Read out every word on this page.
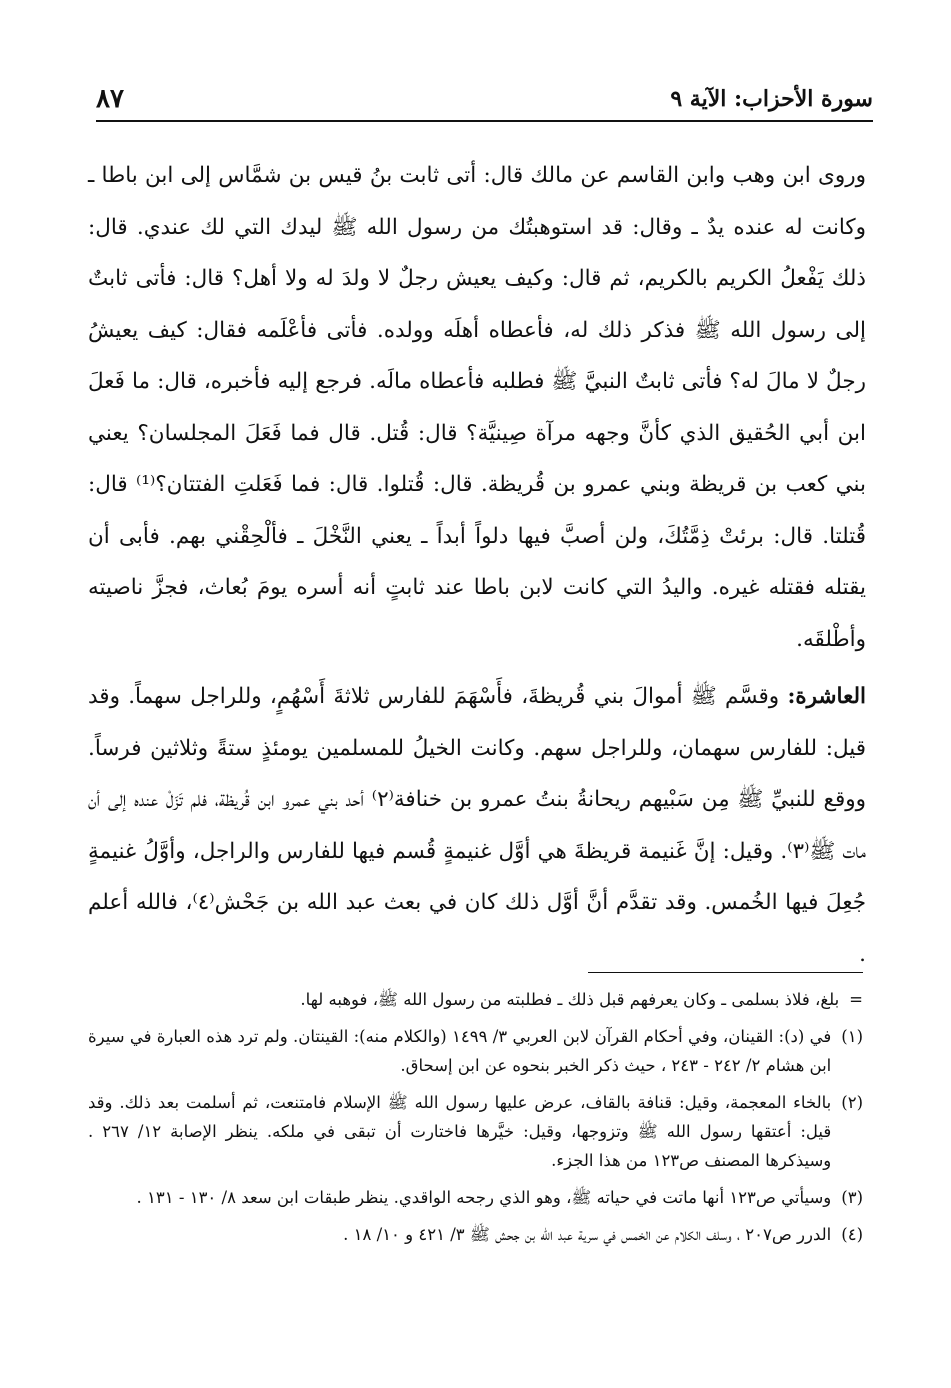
سورة الأحزاب: الآية ٩
٨٧

وروى ابن وهب وابن القاسم عن مالك قال: أتى ثابت بنُ قيس بن شمَّاس إلى ابن باطا ـ وكانت له عنده يدٌ ـ وقال: قد استوهبتُك من رسول الله ﷺ ليدك التي لك عندي. قال: ذلك يَفْعلُ الكريم بالكريم، ثم قال: وكيف يعيش رجلٌ لا ولدَ له ولا أهل؟ قال: فأتى ثابتٌ إلى رسول الله ﷺ فذكر ذلك له، فأعطاه أهلَه وولده. فأتى فأعْلَمه فقال: كيف يعيشُ رجلٌ لا مالَ له؟ فأتى ثابتٌ النبيَّ ﷺ فطلبه فأعطاه مالَه. فرجع إليه فأخبره، قال: ما فَعلَ ابن أبي الحُقيق الذي كأنَّ وجهه مرآة صِينيَّة؟ قال: قُتل. قال فما فَعَلَ المجلسان؟ يعني بني كعب بن قريظة وبني عمرو بن قُريظة. قال: قُتلوا. قال: فما فَعَلتِ الفتتان؟⁽¹⁾ قال: قُتلتا. قال: برئتْ ذِمَّتُكَ، ولن أصبَّ فيها دلواً أبداً ـ يعني النَّخْلَ ـ فألْحِقْني بهم. فأبى أن يقتله فقتله غيره. واليدُ التي كانت لابن باطا عند ثابتٍ أنه أسره يومَ بُعاث، فجزَّ ناصيته وأطْلقَه.

العاشرة: وقسَّم ﷺ أموالَ بني قُريظةَ، فأَسْهَمَ للفارس ثلاثةَ أَسْهُمٍ، وللراجل سهماً. وقد قيل: للفارس سهمان، وللراجل سهم. وكانت الخيلُ للمسلمين يومئذٍ ستةً وثلاثين فرساً. ووقع للنبيِّ ﷺ مِن سَبْيهم ريحانةُ بنتُ عمرو بن خنافة⁽٢⁾ أحد بني عمرو ابن قُريظة، فلم تَزَلْ عنده إلى أن مات ﷺ⁽٣⁾. وقيل: إنَّ غَنيمة قريظةَ هي أوَّل غنيمةٍ قُسم فيها للفارس والراجل، وأوَّلُ غنيمةٍ جُعِلَ فيها الخُمس. وقد تقدَّم أنَّ أوَّل ذلك كان في بعث عبد الله بن جَحْش⁽٤⁾، فالله أعلم .

=
بلغ، فلاذ بسلمى ـ وكان يعرفهم قبل ذلك ـ فطلبته من رسول الله ﷺ، فوهبه لها.

(١)
في (د): القينان، وفي أحكام القرآن لابن العربي ٣/ ١٤٩٩ (والكلام منه): القينتان. ولم ترد هذه العبارة في سيرة ابن هشام ٢/ ٢٤٢ - ٢٤٣ ، حيث ذكر الخبر بنحوه عن ابن إسحاق.

(٢)
بالخاء المعجمة، وقيل: قنافة بالقاف، عرض عليها رسول الله ﷺ الإسلام فامتنعت، ثم أسلمت بعد ذلك. وقد قيل: أعتقها رسول الله ﷺ وتزوجها، وقيل: خيَّرها فاختارت أن تبقى في ملكه. ينظر الإصابة ١٢/ ٢٦٧ . وسيذكرها المصنف ص١٢٣ من هذا الجزء.

(٣)
وسيأتي ص١٢٣ أنها ماتت في حياته ﷺ، وهو الذي رجحه الواقدي. ينظر طبقات ابن سعد ٨/ ١٣٠ - ١٣١ .

(٤)
الدرر ص٢٠٧ ، وسلف الكلام عن الخمس في سرية عبد الله بن جحش ﷺ ٣/ ٤٢١ و ١٠/ ١٨ .
